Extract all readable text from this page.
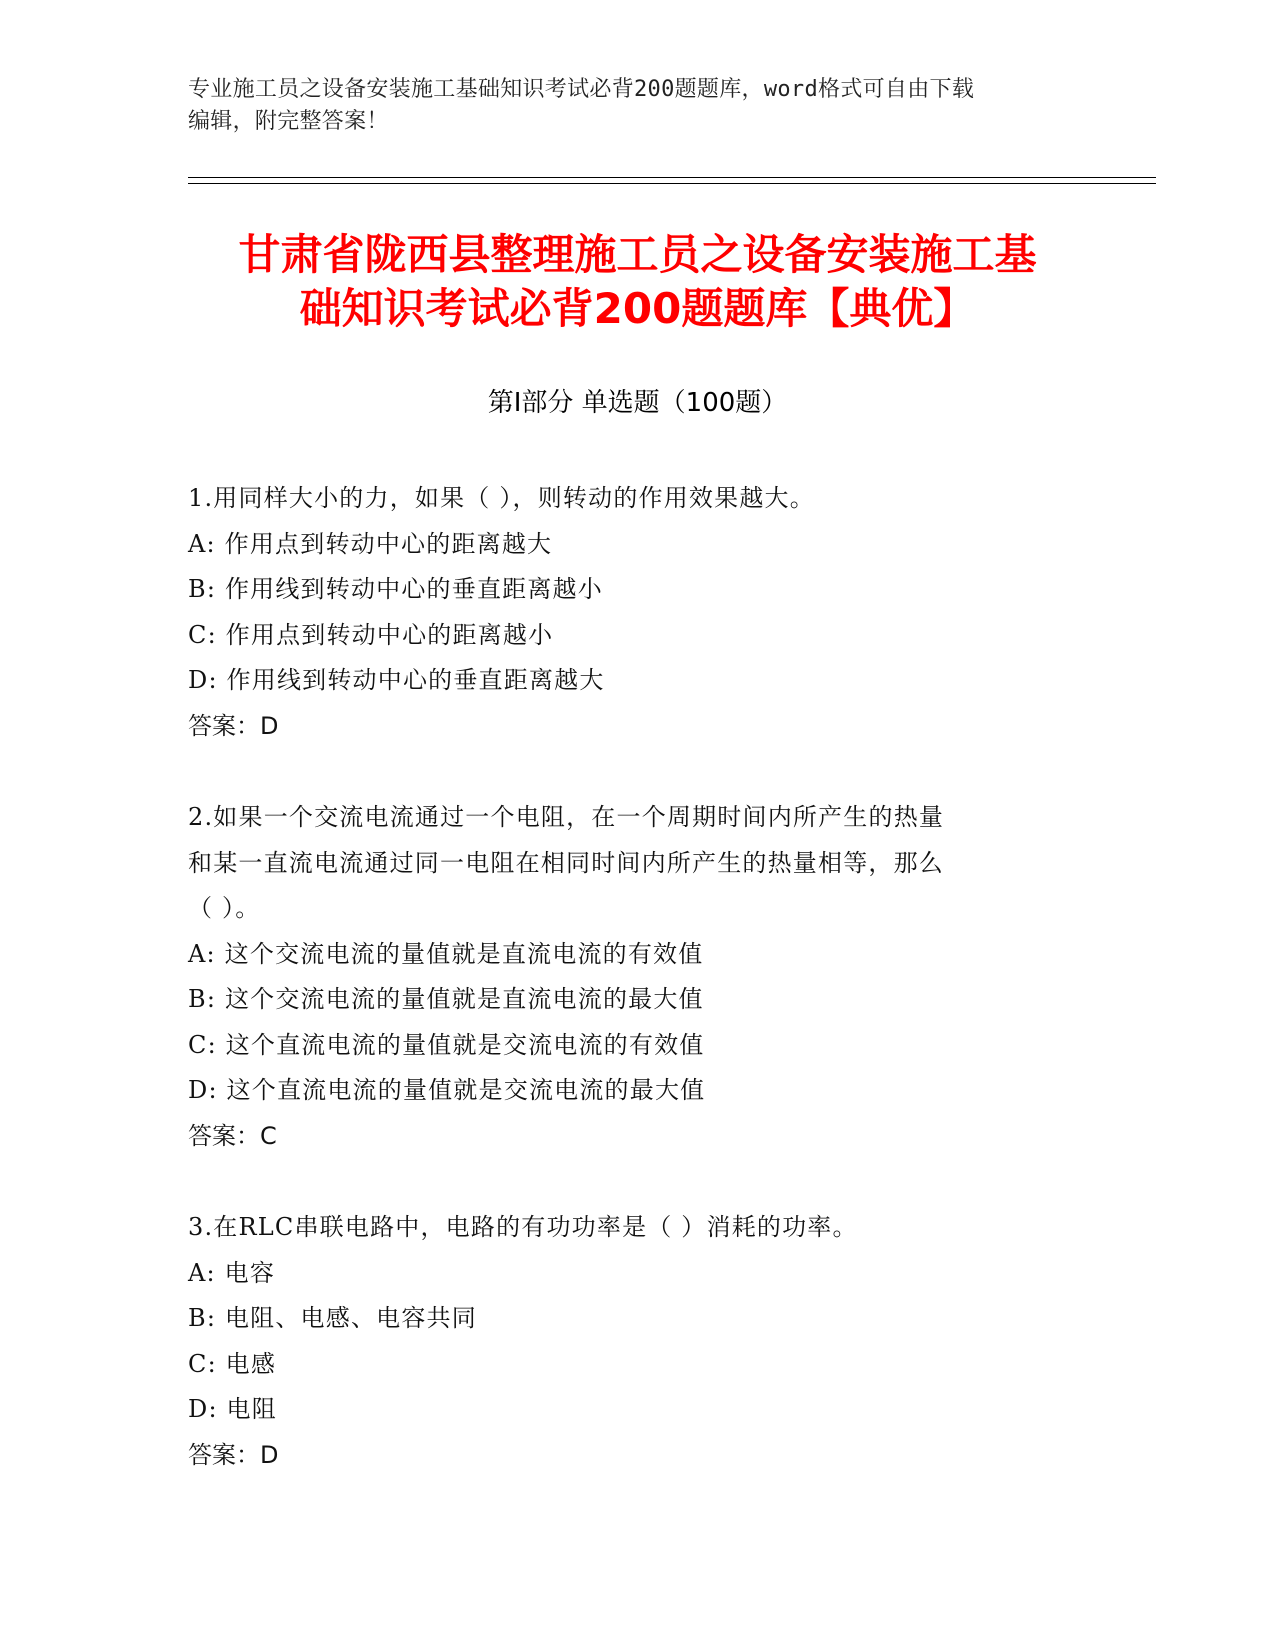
专业施工员之设备安装施工基础知识考试必背200题题库，word格式可自由下载
编辑，附完整答案！
甘肃省陇西县整理施工员之设备安装施工基
础知识考试必背200题题库【典优】
第Ⅰ部分 单选题（100题）
1.用同样大小的力，如果（ ），则转动的作用效果越大。
A: 作用点到转动中心的距离越大
B: 作用线到转动中心的垂直距离越小
C: 作用点到转动中心的距离越小
D: 作用线到转动中心的垂直距离越大
答案：D
2.如果一个交流电流通过一个电阻，在一个周期时间内所产生的热量
和某一直流电流通过同一电阻在相同时间内所产生的热量相等，那么
（ ）。
A: 这个交流电流的量值就是直流电流的有效值
B: 这个交流电流的量值就是直流电流的最大值
C: 这个直流电流的量值就是交流电流的有效值
D: 这个直流电流的量值就是交流电流的最大值
答案：C
3.在RLC串联电路中，电路的有功功率是（ ）消耗的功率。
A: 电容
B: 电阻、电感、电容共同
C: 电感
D: 电阻
答案：D
